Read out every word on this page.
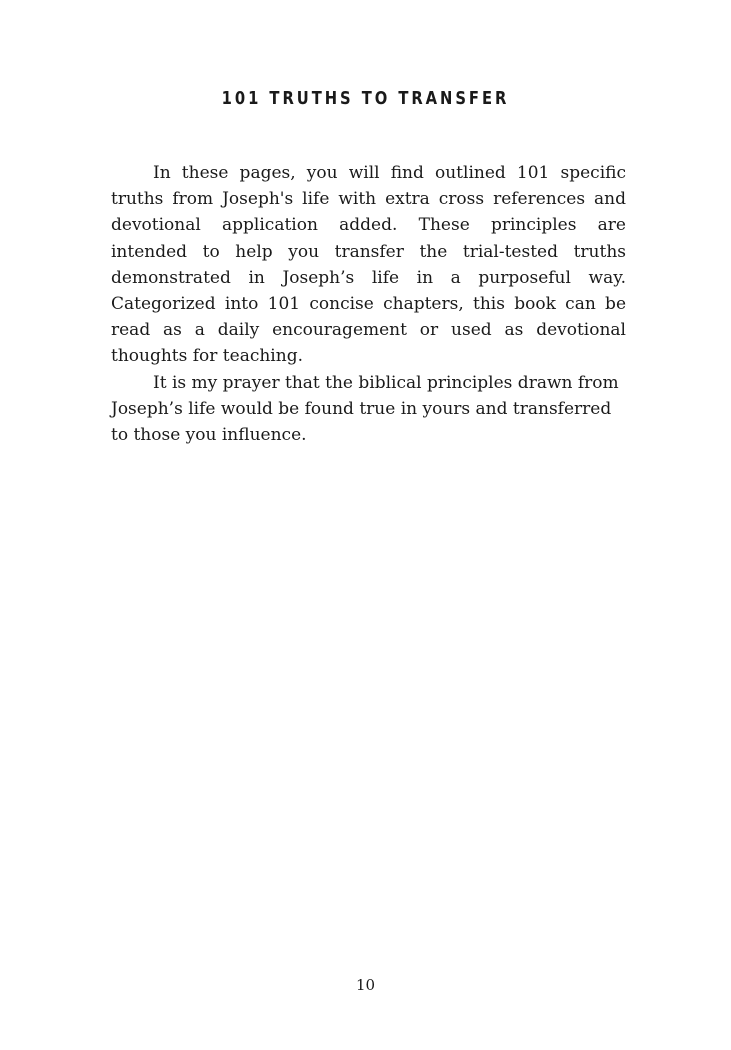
101 TRUTHS TO TRANSFER

In these pages, you will find outlined 101 specific truths from Joseph's life with extra cross references and devotional application added. These principles are intended to help you transfer the trial-tested truths demonstrated in Joseph’s life in a purposeful way. Categorized into 101 concise chapters, this book can be read as a daily encouragement or used as devotional thoughts for teaching.

It is my prayer that the biblical principles drawn from Joseph’s life would be found true in yours and transferred to those you influence.

10
